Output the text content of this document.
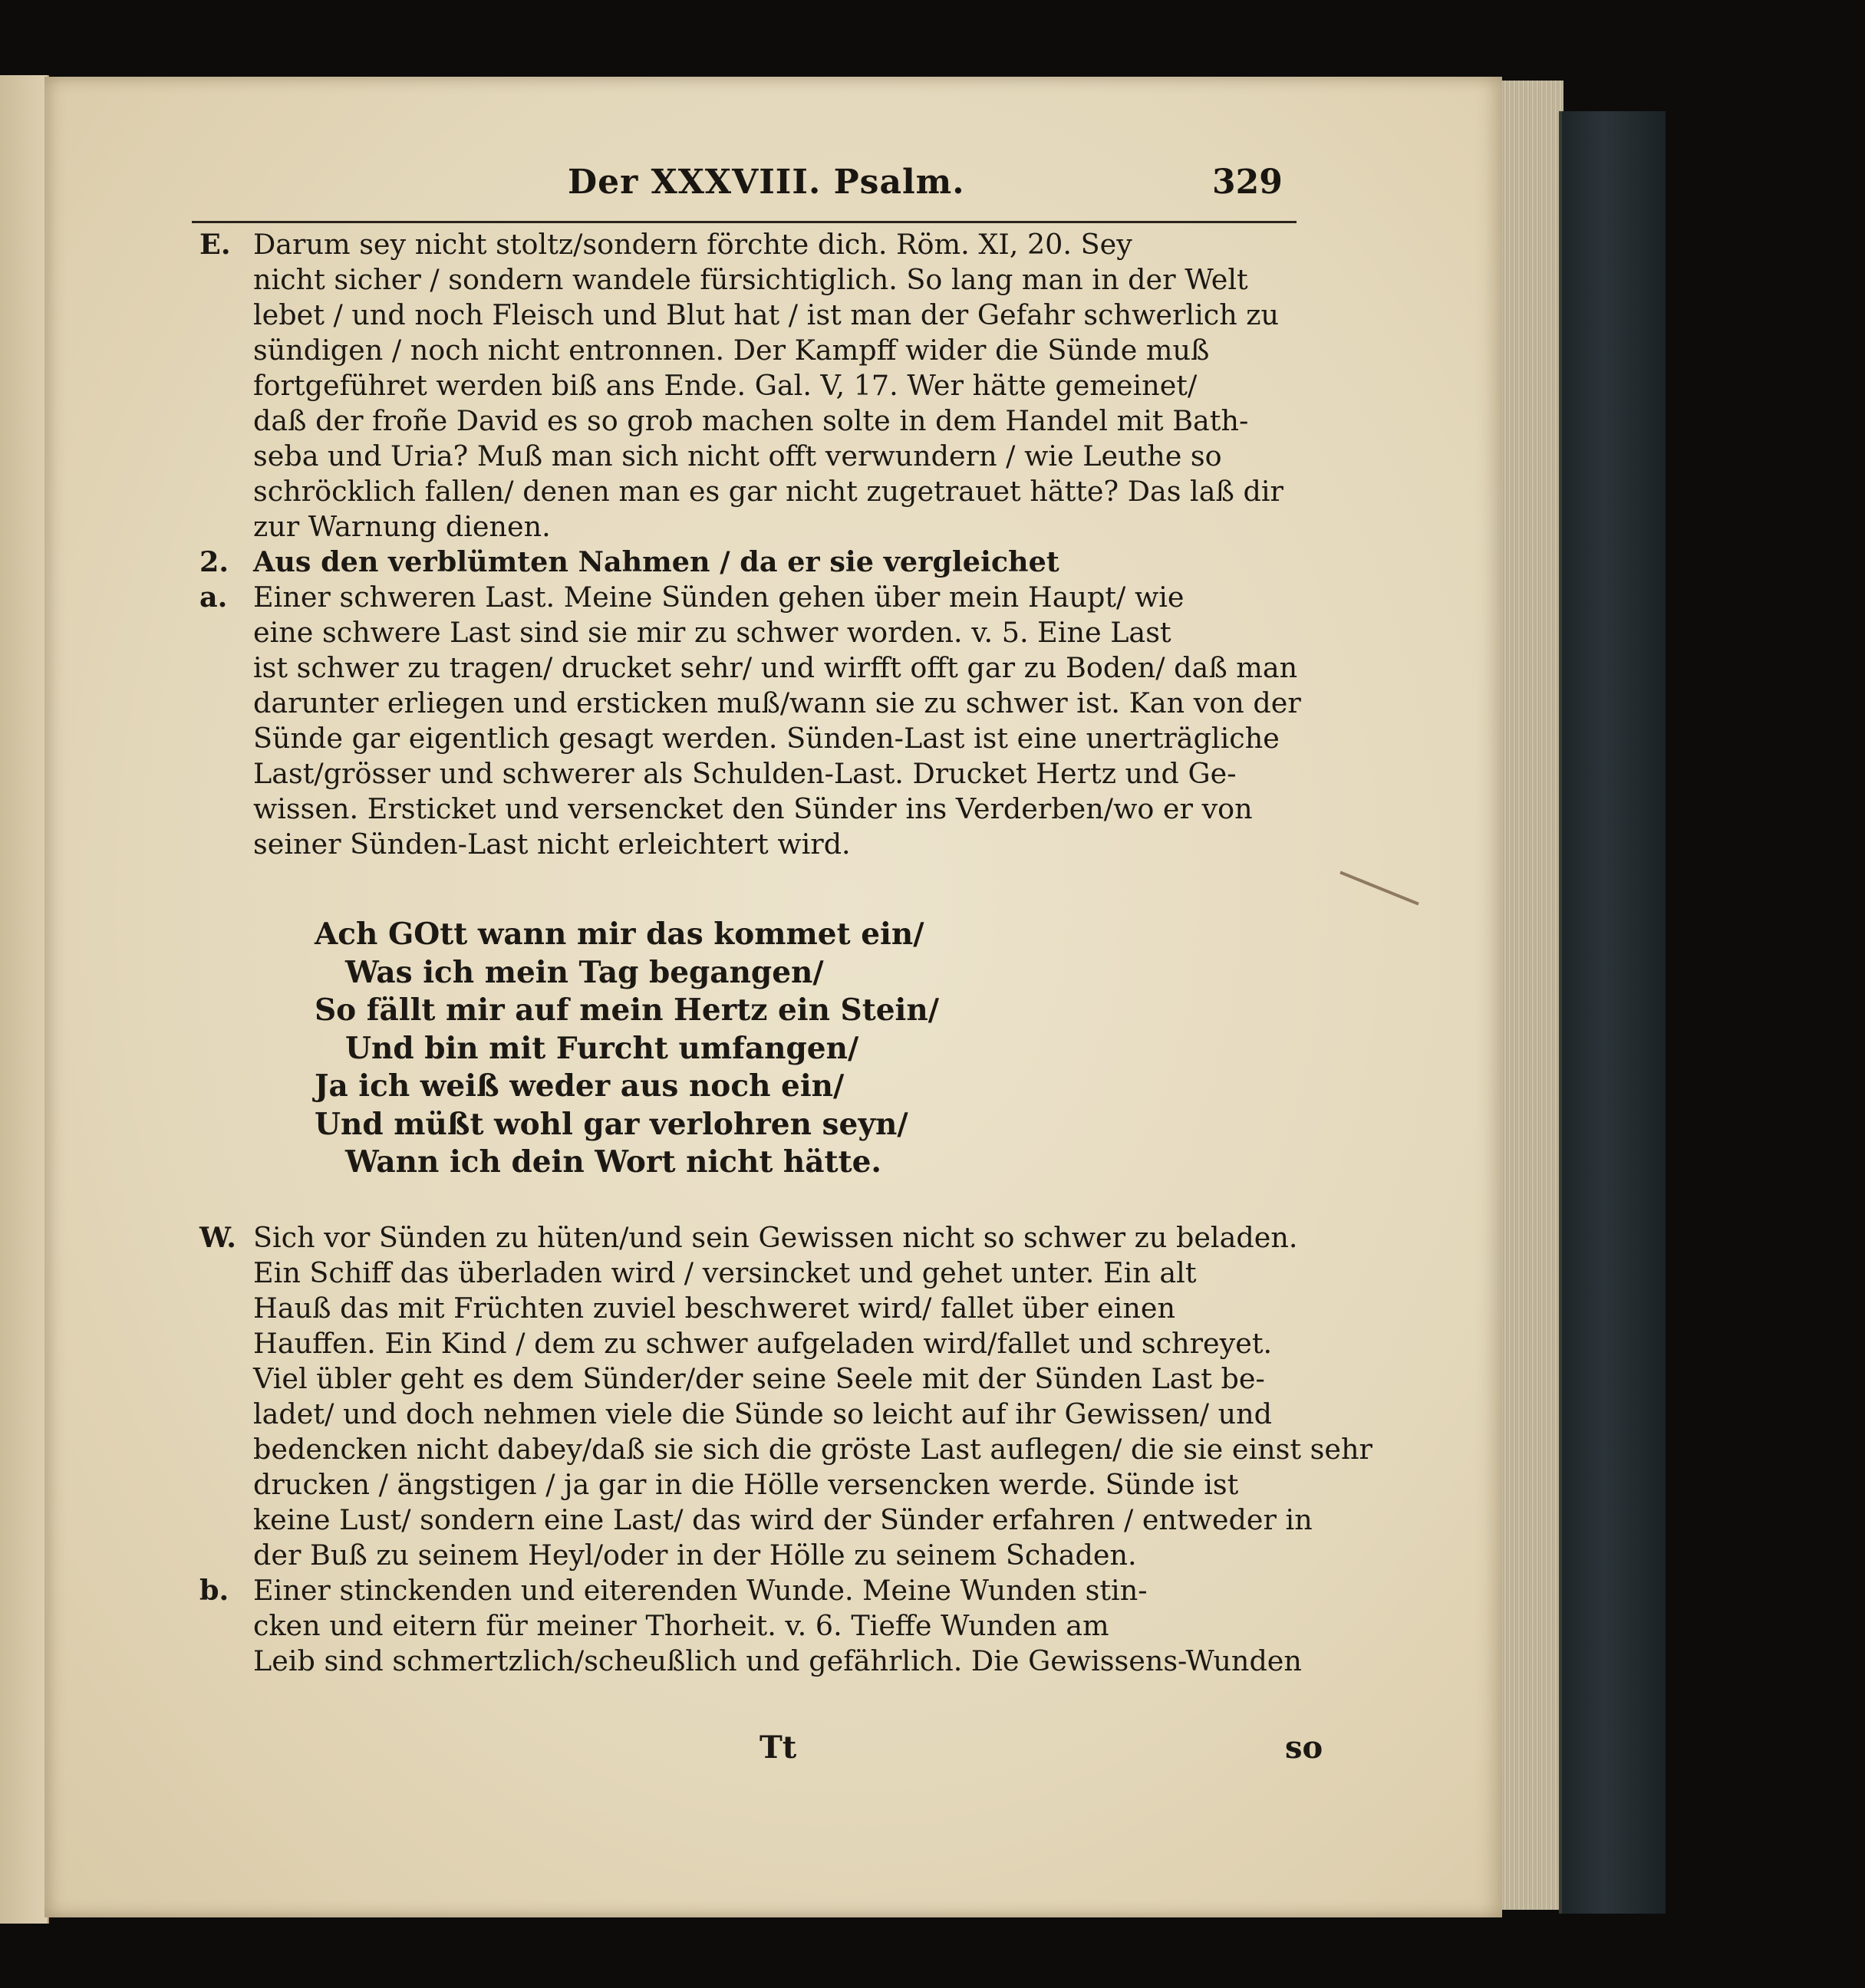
Der XXXVIII. Psalm.	329
E. Darum sey nicht stoltz/sondern förchte dich. Röm. XI, 20. Sey
nicht sicher / sondern wandele fürsichtiglich. So lang man in der Welt
lebet / und noch Fleisch und Blut hat / ist man der Gefahr schwerlich zu
sündigen / noch nicht entronnen. Der Kampff wider die Sünde muß
fortgeführet werden biß ans Ende. Gal. V, 17. Wer hätte gemeinet/
daß der froñe David es so grob machen solte in dem Handel mit Bath-
seba und Uria? Muß man sich nicht offt verwundern / wie Leuthe so
schröcklich fallen/ denen man es gar nicht zugetrauet hätte? Das laß dir
zur Warnung dienen.
2. Aus den verblümten Nahmen / da er sie vergleichet
a. Einer schweren Last. Meine Sünden gehen über mein Haupt/ wie
eine schwere Last sind sie mir zu schwer worden. v. 5. Eine Last
ist schwer zu tragen/ drucket sehr/ und wirfft offt gar zu Boden/ daß man
darunter erliegen und ersticken muß/wann sie zu schwer ist. Kan von der
Sünde gar eigentlich gesagt werden. Sünden-Last ist eine unerträgliche
Last/grösser und schwerer als Schulden-Last. Drucket Hertz und Ge-
wissen. Ersticket und versencket den Sünder ins Verderben/wo er von
seiner Sünden-Last nicht erleichtert wird.
Ach GOtt wann mir das kommet ein/
Was ich mein Tag begangen/
So fällt mir auf mein Hertz ein Stein/
Und bin mit Furcht umfangen/
Ja ich weiß weder aus noch ein/
Und müßt wohl gar verlohren seyn/
Wann ich dein Wort nicht hätte.
W. Sich vor Sünden zu hüten/und sein Gewissen nicht so schwer zu beladen.
Ein Schiff das überladen wird / versincket und gehet unter. Ein alt
Hauß das mit Früchten zuviel beschweret wird/ fallet über einen
Hauffen. Ein Kind / dem zu schwer aufgeladen wird/fallet und schreyet.
Viel übler geht es dem Sünder/der seine Seele mit der Sünden Last be-
ladet/ und doch nehmen viele die Sünde so leicht auf ihr Gewissen/ und
bedencken nicht dabey/daß sie sich die gröste Last auflegen/ die sie einst sehr
drucken / ängstigen / ja gar in die Hölle versencken werde. Sünde ist
keine Lust/ sondern eine Last/ das wird der Sünder erfahren / entweder in
der Buß zu seinem Heyl/oder in der Hölle zu seinem Schaden.
b. Einer stinckenden und eiterenden Wunde. Meine Wunden stin-
cken und eitern für meiner Thorheit. v. 6. Tieffe Wunden am
Leib sind schmertzlich/scheußlich und gefährlich. Die Gewissens-Wunden
Tt	so
